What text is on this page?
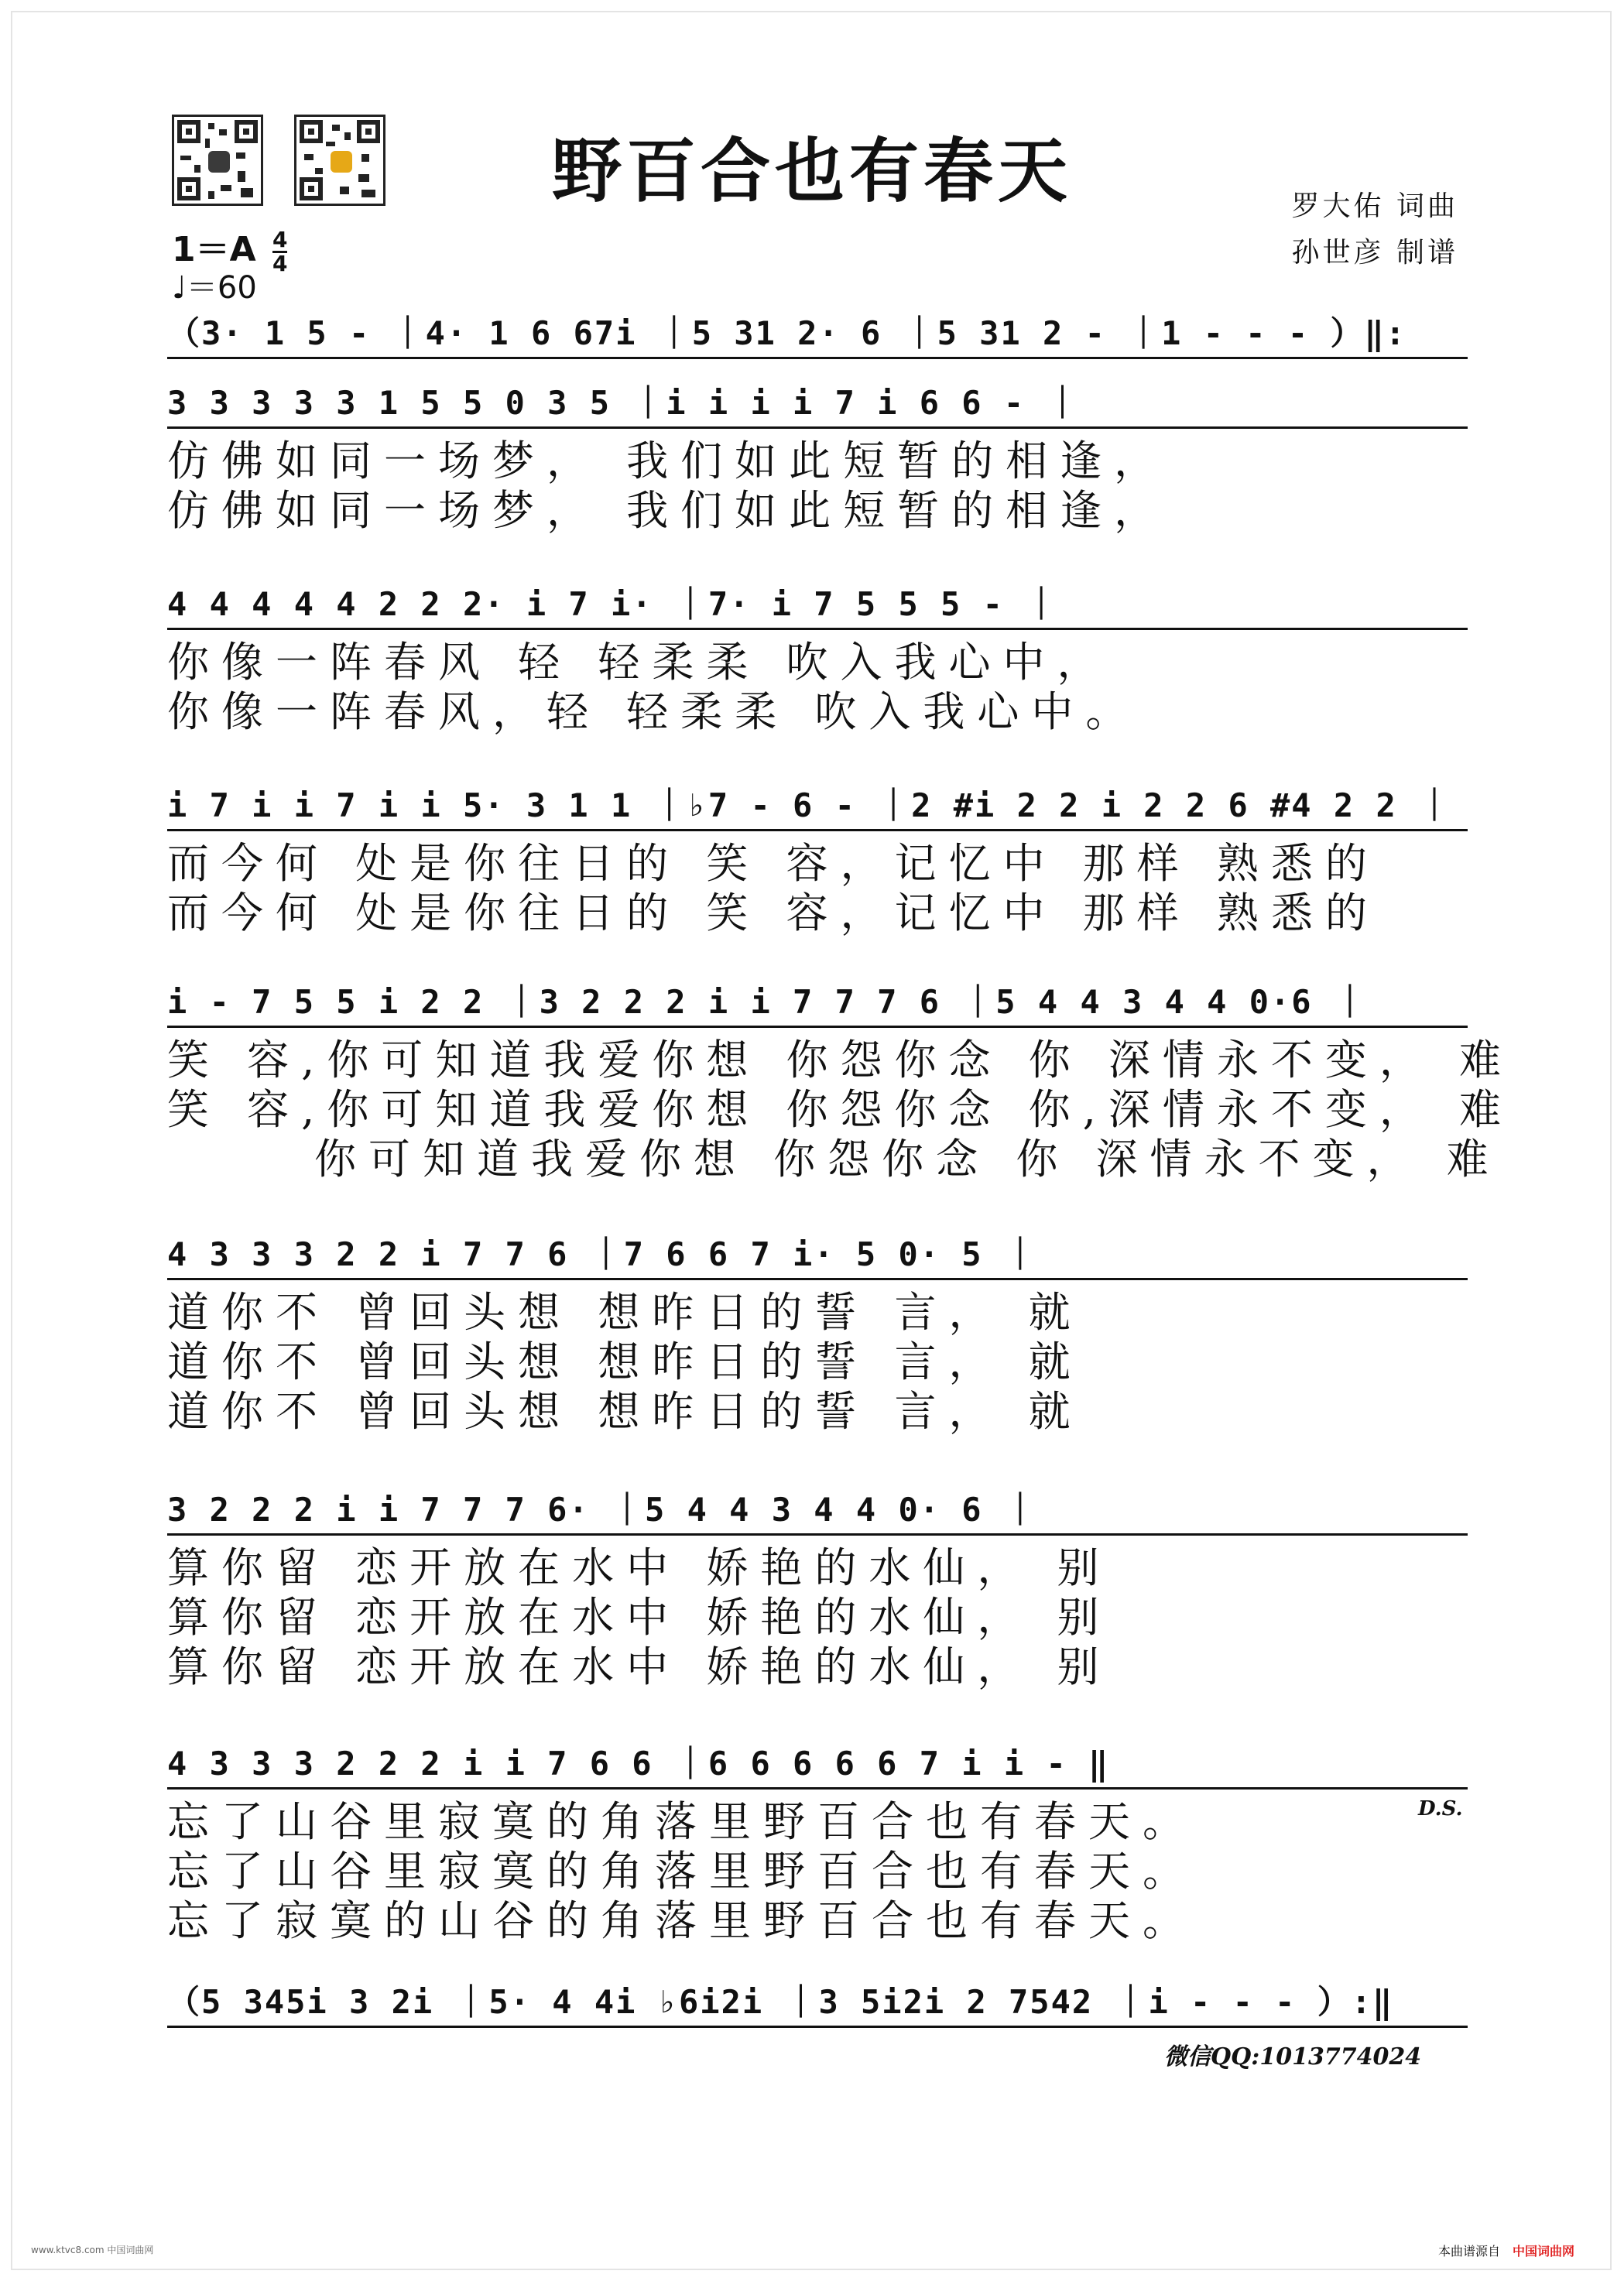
野百合也有春天	罗大佑 词曲
孙世彦 制谱
$1=A \frac{4}{4}$
♩＝60
（3· 1 5 - ｜4· 1 6 67i ｜5 31 2· 6 ｜5 31 2 - ｜1 - - - ）‖:
3 3 3 3 3 1 5 5 0 3 5 ｜i i i i 7 i 6 6 - ｜
仿佛如同一场梦， 我们如此短暂的相逢，
仿佛如同一场梦， 我们如此短暂的相逢，
4 4 4 4 4 2 2 2· i 7 i· ｜7· i 7 5 5 5 - ｜
你像一阵春风 轻 轻柔柔 吹入我心中，
你像一阵春风，轻 轻柔柔 吹入我心中。
i 7 i i 7 i i 5· 3 1 1 ｜♭7 - 6 - ｜2 #i 2 2 i 2 2 6 #4 2 2 ｜
而今何 处是你往日的 笑 容，记忆中 那样 熟悉的
而今何 处是你往日的 笑 容，记忆中 那样 熟悉的
i - 7 5 5 i 2 2 ｜3 2 2 2 i i 7 7 7 6 ｜5 4 4 3 4 4 0·6 ｜
笑 容,你可知道我爱你想 你怨你念 你 深情永不变， 难
笑 容,你可知道我爱你想 你怨你念 你,深情永不变， 难
你可知道我爱你想 你怨你念 你 深情永不变， 难
4 3 3 3 2 2 i 7 7 6 ｜7 6 6 7 i· 5 0· 5 ｜
道你不 曾回头想 想昨日的誓 言， 就
道你不 曾回头想 想昨日的誓 言， 就
道你不 曾回头想 想昨日的誓 言， 就
3 2 2 2 i i 7 7 7 6· ｜5 4 4 3 4 4 0· 6 ｜
算你留 恋开放在水中 娇艳的水仙， 别
算你留 恋开放在水中 娇艳的水仙， 别
算你留 恋开放在水中 娇艳的水仙， 别
4 3 3 3 2 2 2 i i 7 6 6 ｜6 6 6 6 6 7 i i - ‖
忘了山谷里寂寞的角落里野百合也有春天。
忘了山谷里寂寞的角落里野百合也有春天。
忘了寂寞的山谷的角落里野百合也有春天。
D.S.
（5 345i 3 2i ｜5· 4 4i ♭6i2i ｜3 5i2i 2 7542 ｜i - - - ）:‖
微信QQ:1013774024
www.ktvc8.com 中国词曲网	本曲谱源自 中国词曲网
